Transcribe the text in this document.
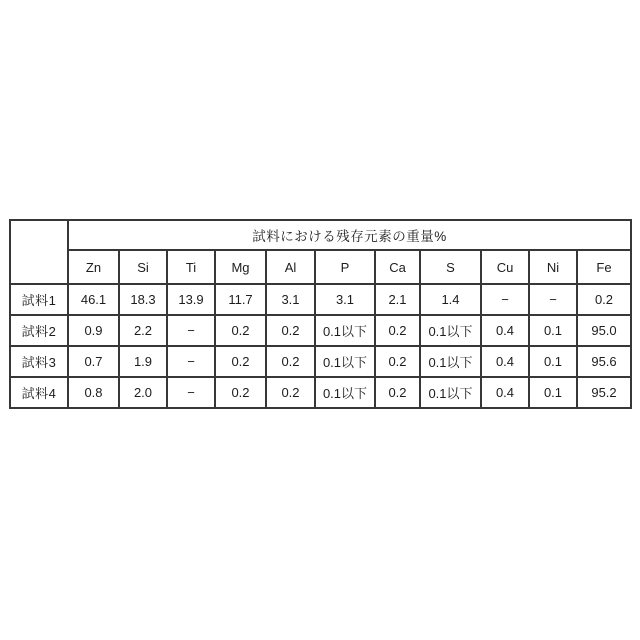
	試料における残存元素の重量%										
	Zn	Si	Ti	Mg	Al	P	Ca	S	Cu	Ni	Fe
試料1	46.1	18.3	13.9	11.7	3.1	3.1	2.1	1.4	−	−	0.2
試料2	0.9	2.2	−	0.2	0.2	0.1以下	0.2	0.1以下	0.4	0.1	95.0
試料3	0.7	1.9	−	0.2	0.2	0.1以下	0.2	0.1以下	0.4	0.1	95.6
試料4	0.8	2.0	−	0.2	0.2	0.1以下	0.2	0.1以下	0.4	0.1	95.2
